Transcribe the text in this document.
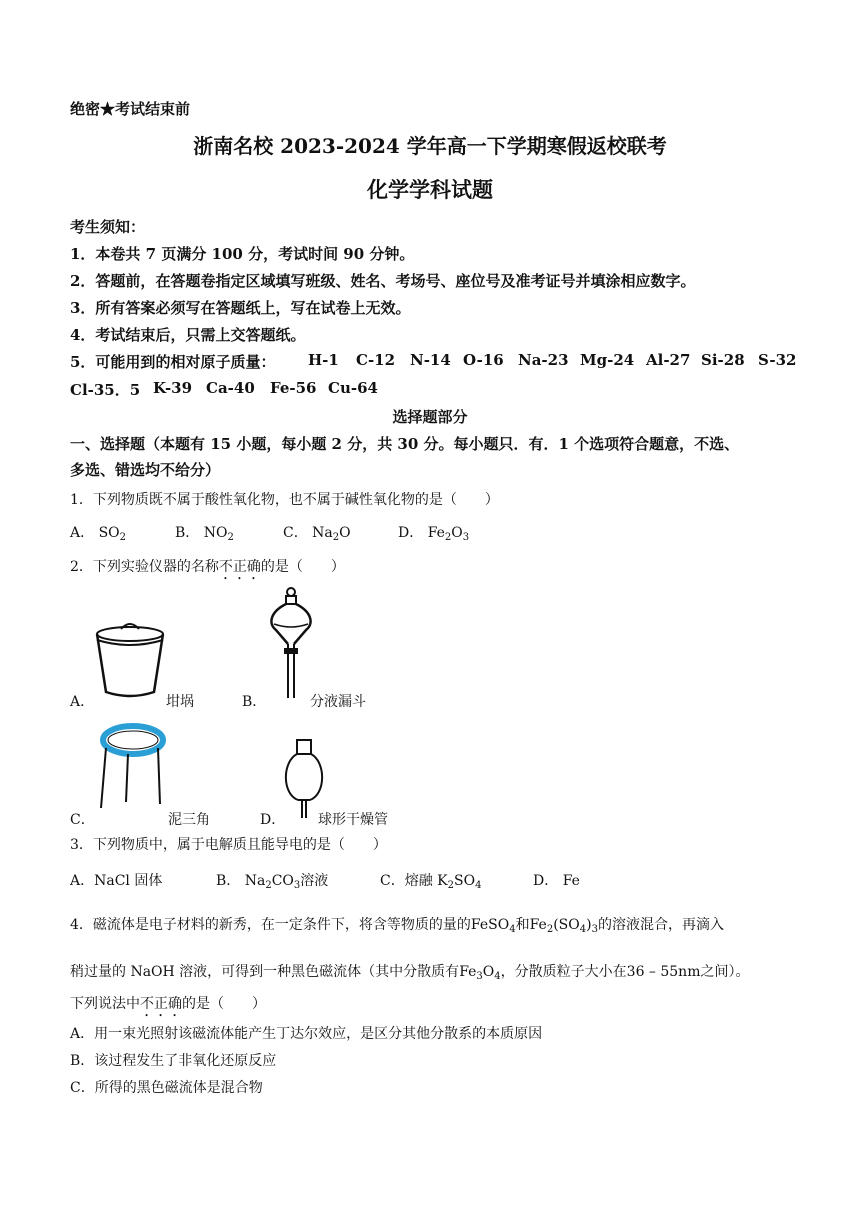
绝密★考试结束前
浙南名校 2023-2024 学年高一下学期寒假返校联考
化学学科试题
考生须知：
1．本卷共 7 页满分 100 分，考试时间 90 分钟。
2．答题前，在答题卷指定区域填写班级、姓名、考场号、座位号及准考证号并填涂相应数字。
3．所有答案必须写在答题纸上，写在试卷上无效。
4．考试结束后，只需上交答题纸。
5．可能用到的相对原子质量： H-1 C-12 N-14 O-16 Na-23 Mg-24 Al-27 Si-28 S-32
Cl-35．5 K-39 Ca-40 Fe-56 Cu-64
选择题部分
一、选择题（本题有 15 小题，每小题 2 分，共 30 分。每小题只．有．1 个选项符合题意，不选、
多选、错选均不给分）
1．下列物质既不属于酸性氧化物，也不属于碱性氧化物的是（　　）
A． $SO_2$	B． $NO_2$	C． $Na_2O$	D． $Fe_2O_3$
2．下列实验仪器的名称不正确的是（　　）
A．	坩埚	B．	分液漏斗
C．	泥三角	D． 球形干燥管
3．下列物质中，属于电解质且能导电的是（　　）
A．NaCl 固体	B． $Na_2CO_3$溶液	C．熔融 $K_2SO_4$	D． Fe
4．磁流体是电子材料的新秀，在一定条件下，将含等物质的量的FeSO$_4$和$Fe_2(SO_4)_3$的溶液混合，再滴入
稍过量的 NaOH 溶液，可得到一种黑色磁流体（其中分散质有$Fe_3O_4$，分散质粒子大小在36 – 55nm之间）。
下列说法中不正确的是（　　）
A．用一束光照射该磁流体能产生丁达尔效应，是区分其他分散系的本质原因
B．该过程发生了非氧化还原反应
C．所得的黑色磁流体是混合物
